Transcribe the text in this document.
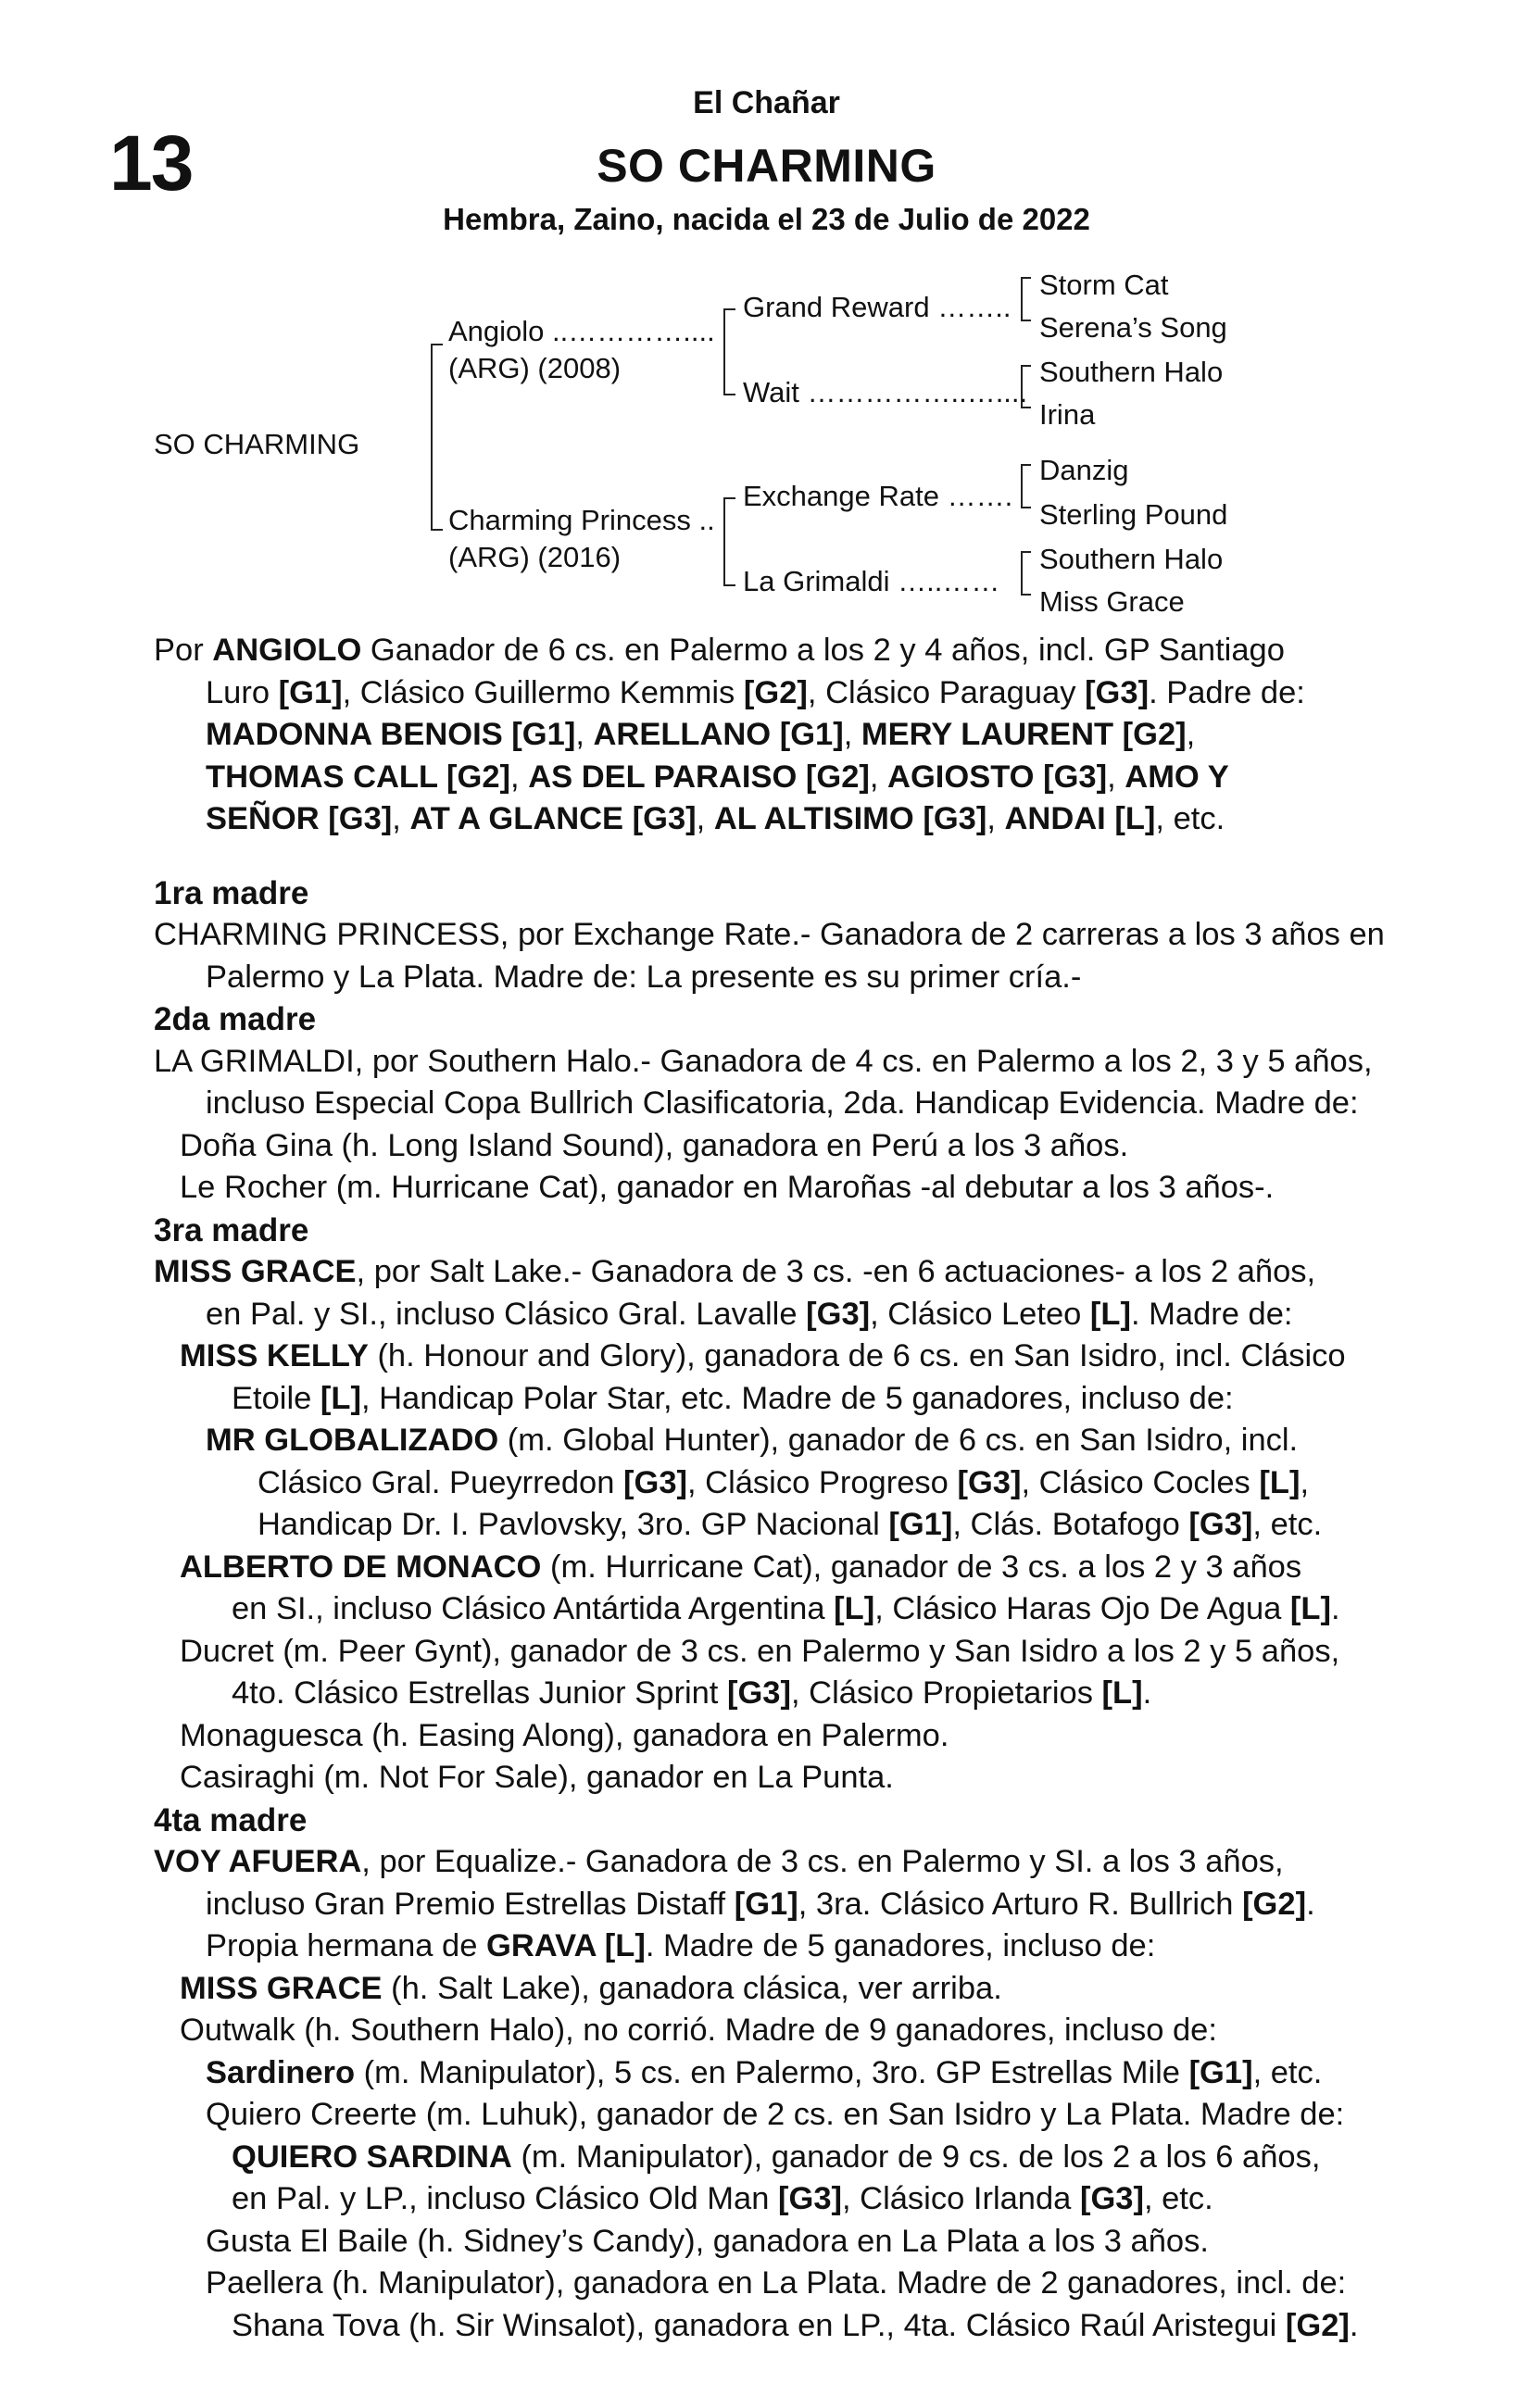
13
El Chañar
SO CHARMING
Hembra, Zaino, nacida el 23 de Julio de 2022
SO CHARMING
Angiolo ..…………....
(ARG) (2008)
Charming Princess ..
(ARG) (2016)
Grand Reward ……..
Wait ……………..…....
Exchange Rate …….
La Grimaldi …..……
Storm Cat
Serena’s Song
Southern Halo
Irina
Danzig
Sterling Pound
Southern Halo
Miss Grace

Por ANGIOLO Ganador de 6 cs. en Palermo a los 2 y 4 años, incl. GP Santiago

Luro [G1], Clásico Guillermo Kemmis [G2], Clásico Paraguay [G3]. Padre de:

MADONNA BENOIS [G1], ARELLANO [G1], MERY LAURENT [G2],

THOMAS CALL [G2], AS DEL PARAISO [G2], AGIOSTO [G3], AMO Y

SEÑOR [G3], AT A GLANCE [G3], AL ALTISIMO [G3], ANDAI [L], etc.

1ra madre

CHARMING PRINCESS, por Exchange Rate.- Ganadora de 2 carreras a los 3 años en

Palermo y La Plata. Madre de: La presente es su primer cría.-

2da madre

LA GRIMALDI, por Southern Halo.- Ganadora de 4 cs. en Palermo a los 2, 3 y 5 años,

incluso Especial Copa Bullrich Clasificatoria, 2da. Handicap Evidencia. Madre de:

Doña Gina (h. Long Island Sound), ganadora en Perú a los 3 años.

Le Rocher (m. Hurricane Cat), ganador en Maroñas -al debutar a los 3 años-.

3ra madre

MISS GRACE, por Salt Lake.- Ganadora de 3 cs. -en 6 actuaciones- a los 2 años,

en Pal. y SI., incluso Clásico Gral. Lavalle [G3], Clásico Leteo [L]. Madre de:

MISS KELLY (h. Honour and Glory), ganadora de 6 cs. en San Isidro, incl. Clásico

Etoile [L], Handicap Polar Star, etc. Madre de 5 ganadores, incluso de:

MR GLOBALIZADO (m. Global Hunter), ganador de 6 cs. en San Isidro, incl.

Clásico Gral. Pueyrredon [G3], Clásico Progreso [G3], Clásico Cocles [L],

Handicap Dr. I. Pavlovsky, 3ro. GP Nacional [G1], Clás. Botafogo [G3], etc.

ALBERTO DE MONACO (m. Hurricane Cat), ganador de 3 cs. a los 2 y 3 años

en SI., incluso Clásico Antártida Argentina [L], Clásico Haras Ojo De Agua [L].

Ducret (m. Peer Gynt), ganador de 3 cs. en Palermo y San Isidro a los 2 y 5 años,

4to. Clásico Estrellas Junior Sprint [G3], Clásico Propietarios [L].

Monaguesca (h. Easing Along), ganadora en Palermo.

Casiraghi (m. Not For Sale), ganador en La Punta.

4ta madre

VOY AFUERA, por Equalize.- Ganadora de 3 cs. en Palermo y SI. a los 3 años,

incluso Gran Premio Estrellas Distaff [G1], 3ra. Clásico Arturo R. Bullrich [G2].

Propia hermana de GRAVA [L]. Madre de 5 ganadores, incluso de:

MISS GRACE (h. Salt Lake), ganadora clásica, ver arriba.

Outwalk (h. Southern Halo), no corrió. Madre de 9 ganadores, incluso de:

Sardinero (m. Manipulator), 5 cs. en Palermo, 3ro. GP Estrellas Mile [G1], etc.

Quiero Creerte (m. Luhuk), ganador de 2 cs. en San Isidro y La Plata. Madre de:

QUIERO SARDINA (m. Manipulator), ganador de 9 cs. de los 2 a los 6 años,

en Pal. y LP., incluso Clásico Old Man [G3], Clásico Irlanda [G3], etc.

Gusta El Baile (h. Sidney’s Candy), ganadora en La Plata a los 3 años.

Paellera (h. Manipulator), ganadora en La Plata. Madre de 2 ganadores, incl. de:

Shana Tova (h. Sir Winsalot), ganadora en LP., 4ta. Clásico Raúl Aristegui [G2].
